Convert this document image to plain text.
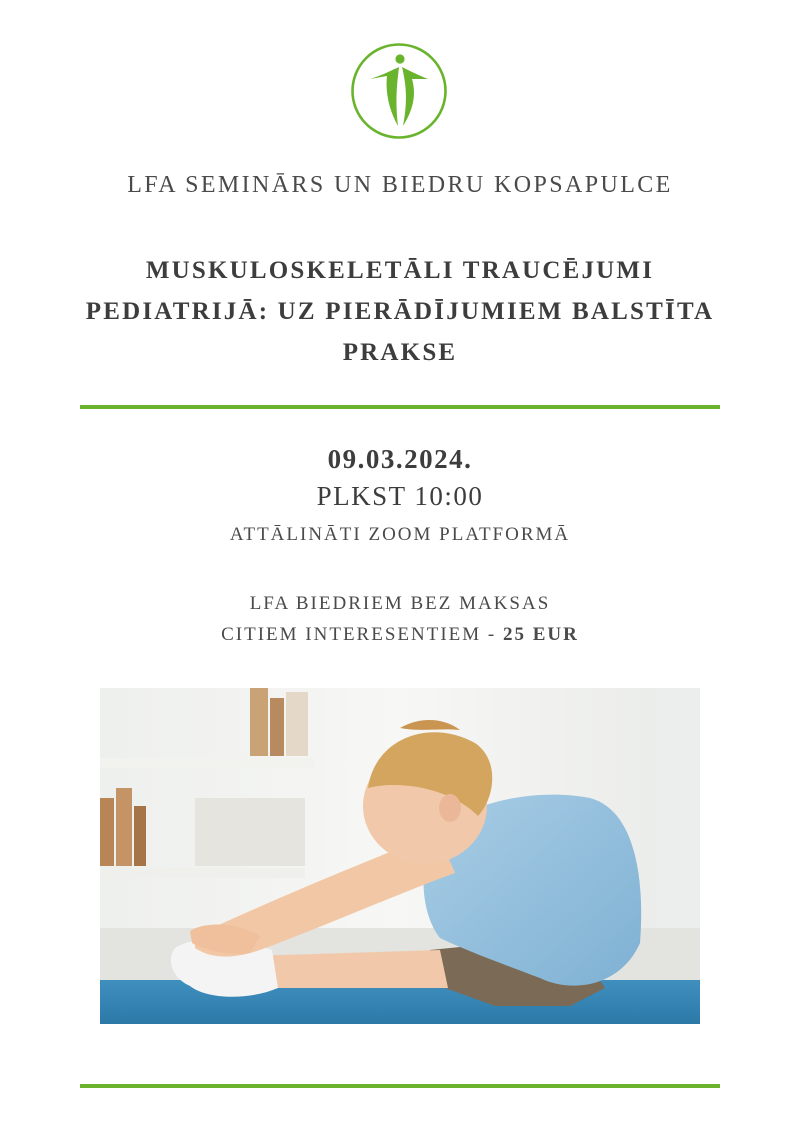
LFA SEMINĀRS UN BIEDRU KOPSAPULCE
MUSKULOSKELETĀLI TRAUCĒJUMI
PEDIATRIJĀ: UZ PIERĀDĪJUMIEM BALSTĪTA
PRAKSE
09.03.2024.
PLKST 10:00
ATTĀLINĀTI ZOOM PLATFORMĀ
LFA BIEDRIEM BEZ MAKSAS
CITIEM INTERESENTIEM - 25 EUR
